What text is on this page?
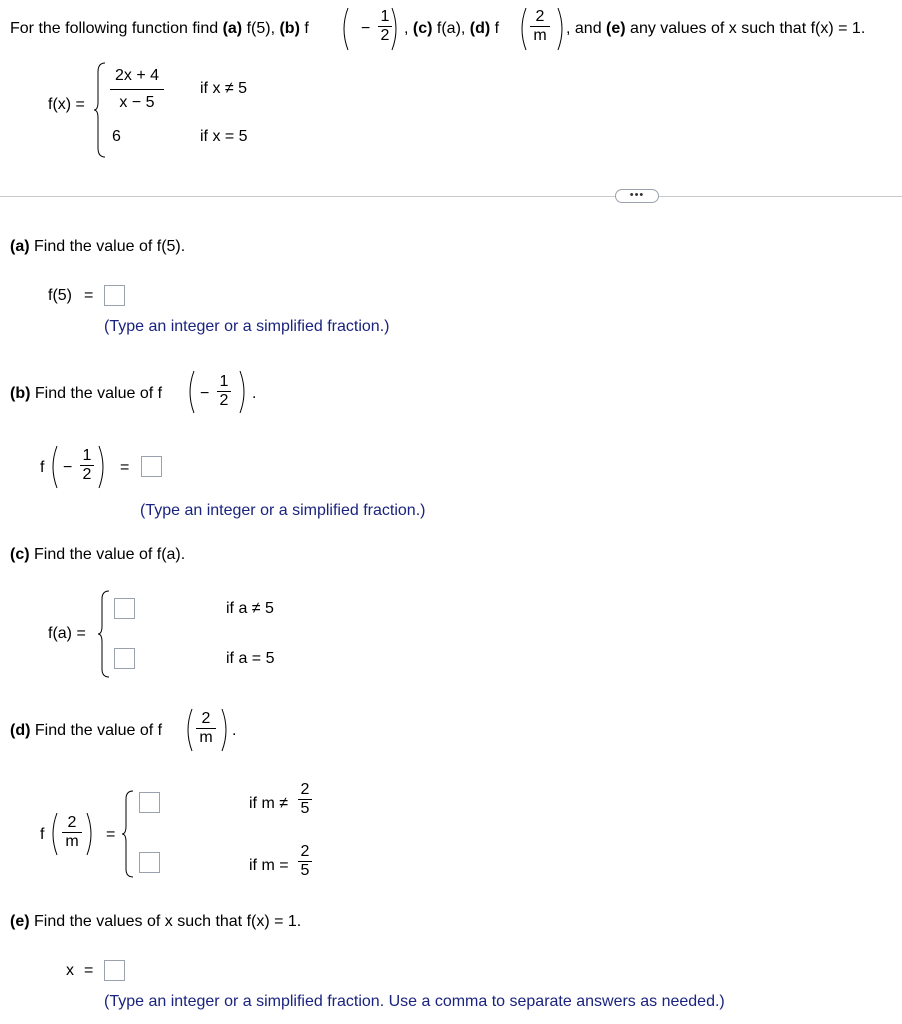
For the following function find (a) f(5), (b) f	−
1
2 , (c) f(a), (d) f
2
m , and (e) any values of x such that f(x) = 1.
f(x) =
2x + 4
x − 5
if x ≠ 5
6	if x = 5
•••
(a) Find the value of f(5).
f(5) =
(Type an integer or a simplified fraction.)
(b) Find the value of f −
1
2 .
f −
1
2 =
(Type an integer or a simplified fraction.)
(c) Find the value of f(a).
f(a) =
if a ≠ 5
if a = 5
(d) Find the value of f
2
m .
f
2
m =
if m ≠
2
5
if m =
2
5
(e) Find the values of x such that f(x) = 1.
x =
(Type an integer or a simplified fraction. Use a comma to separate answers as needed.)
